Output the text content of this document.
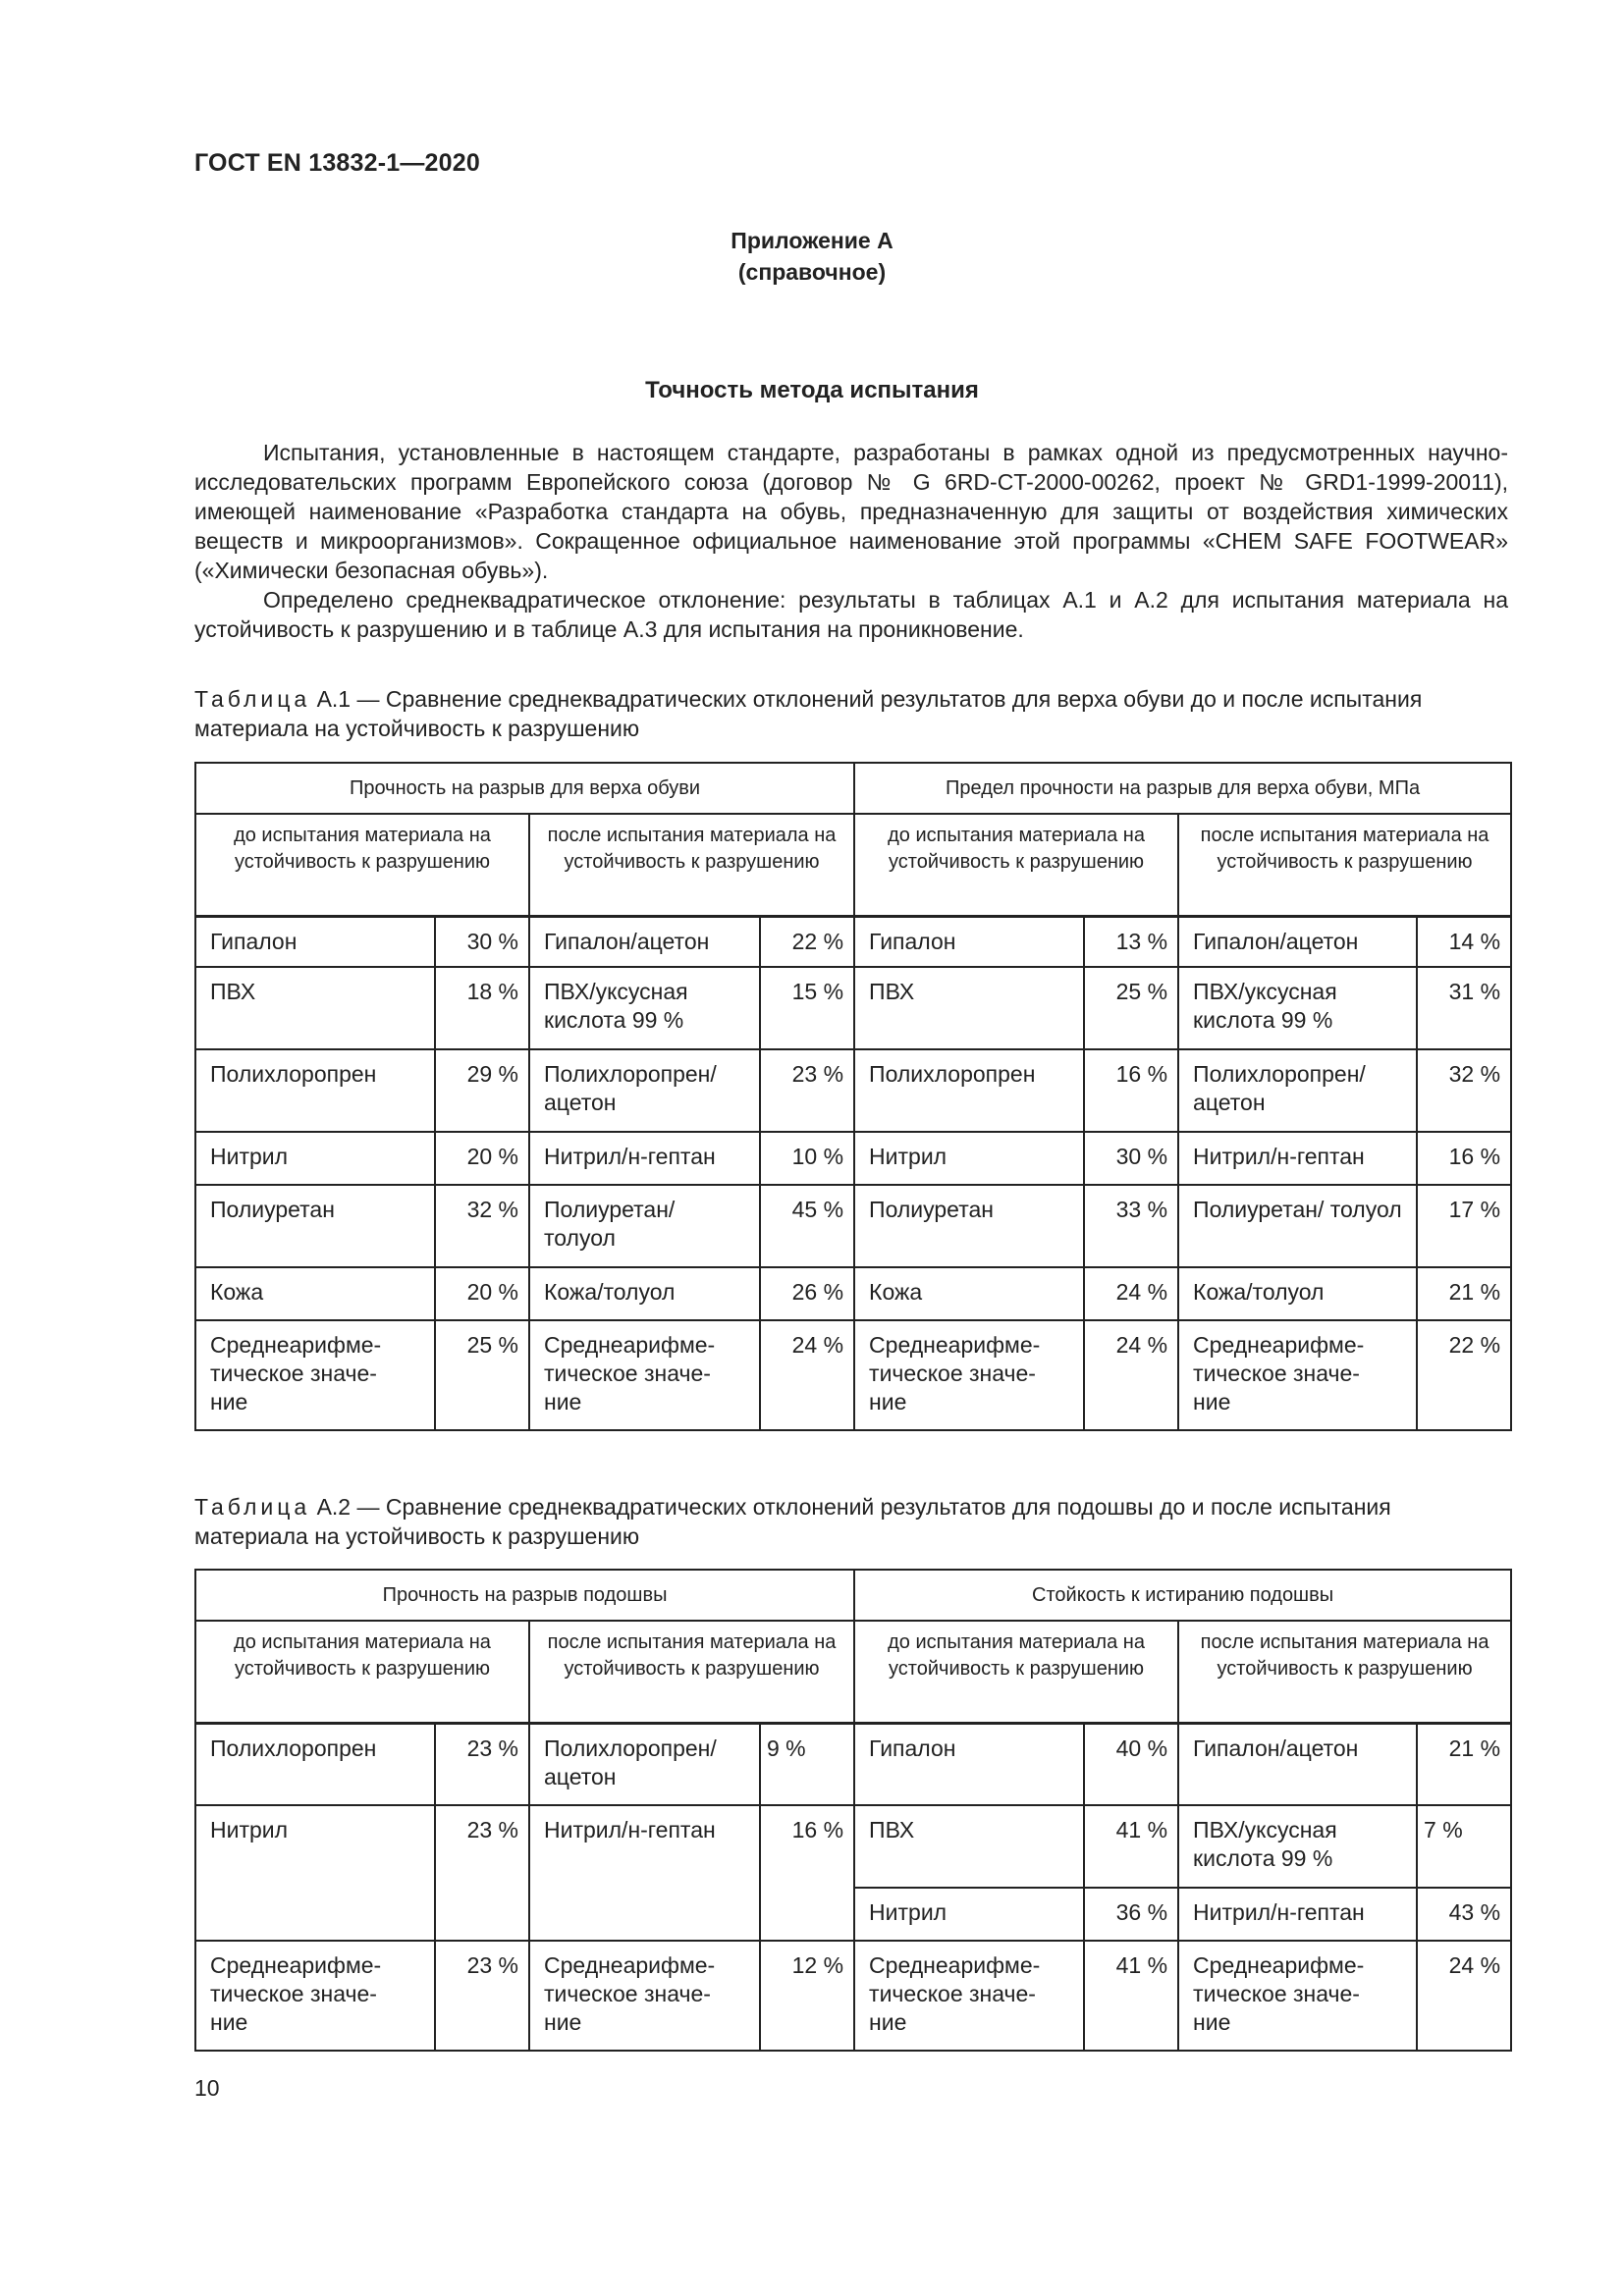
ГОСТ EN 13832-1—2020
Приложение А
(справочное)
Точность метода испытания

Испытания, установленные в настоящем стандарте, разработаны в рамках одной из предусмотренных научно-исследовательских программ Европейского союза (договор № G 6RD-CT-2000-00262, проект № GRD1-1999-20011), имеющей наименование «Разработка стандарта на обувь, предназначенную для защиты от воздействия химических веществ и микроорганизмов». Сокращенное официальное наименование этой программы «CHEM SAFE FOOTWEAR» («Химически безопасная обувь»).

Определено среднеквадратическое отклонение: результаты в таблицах А.1 и А.2 для испытания материала на устойчивость к разрушению и в таблице А.3 для испытания на проникновение.

Таблица А.1 — Сравнение среднеквадратических отклонений результатов для верха обуви до и после испытания материала на устойчивость к разрушению
Прочность на разрыв для верха обуви				Предел прочности на разрыв для верха обуви, МПа			
до испытания материала на устойчивость к разрушению		после испытания материала на устойчивость к разрушению		до испытания материала на устойчивость к разрушению		после испытания материала на устойчивость к разрушению	
Гипалон	30 %	Гипалон/ацетон	22 %	Гипалон	13 %	Гипалон/ацетон	14 %
ПВХ	18 %	ПВХ/уксусная кислота 99 %	15 %	ПВХ	25 %	ПВХ/уксусная кислота 99 %	31 %
Полихлоропрен	29 %	Полихлоропрен/ ацетон	23 %	Полихлоропрен	16 %	Полихлоропрен/ ацетон	32 %
Нитрил	20 %	Нитрил/н-гептан	10 %	Нитрил	30 %	Нитрил/н-гептан	16 %
Полиуретан	32 %	Полиуретан/ толуол	45 %	Полиуретан	33 %	Полиуретан/ толуол	17 %
Кожа	20 %	Кожа/толуол	26 %	Кожа	24 %	Кожа/толуол	21 %
Среднеарифме- тическое значе- ние	25 %	Среднеарифме- тическое значе- ние	24 %	Среднеарифме- тическое значе- ние	24 %	Среднеарифме- тическое значе- ние	22 %
Таблица А.2 — Сравнение среднеквадратических отклонений результатов для подошвы до и после испытания материала на устойчивость к разрушению
Прочность на разрыв подошвы				Стойкость к истиранию подошвы			
до испытания материала на устойчивость к разрушению		после испытания материала на устойчивость к разрушению		до испытания материала на устойчивость к разрушению		после испытания материала на устойчивость к разрушению	
Полихлоропрен	23 %	Полихлоропрен/ ацетон	9 %	Гипалон	40 %	Гипалон/ацетон	21 %
Нитрил	23 %	Нитрил/н-гептан	16 %	ПВХ	41 %	ПВХ/уксусная кислота 99 %	7 %
				Нитрил	36 %	Нитрил/н-гептан	43 %
Среднеарифме- тическое значе- ние	23 %	Среднеарифме- тическое значе- ние	12 %	Среднеарифме- тическое значе- ние	41 %	Среднеарифме- тическое значе- ние	24 %
10
